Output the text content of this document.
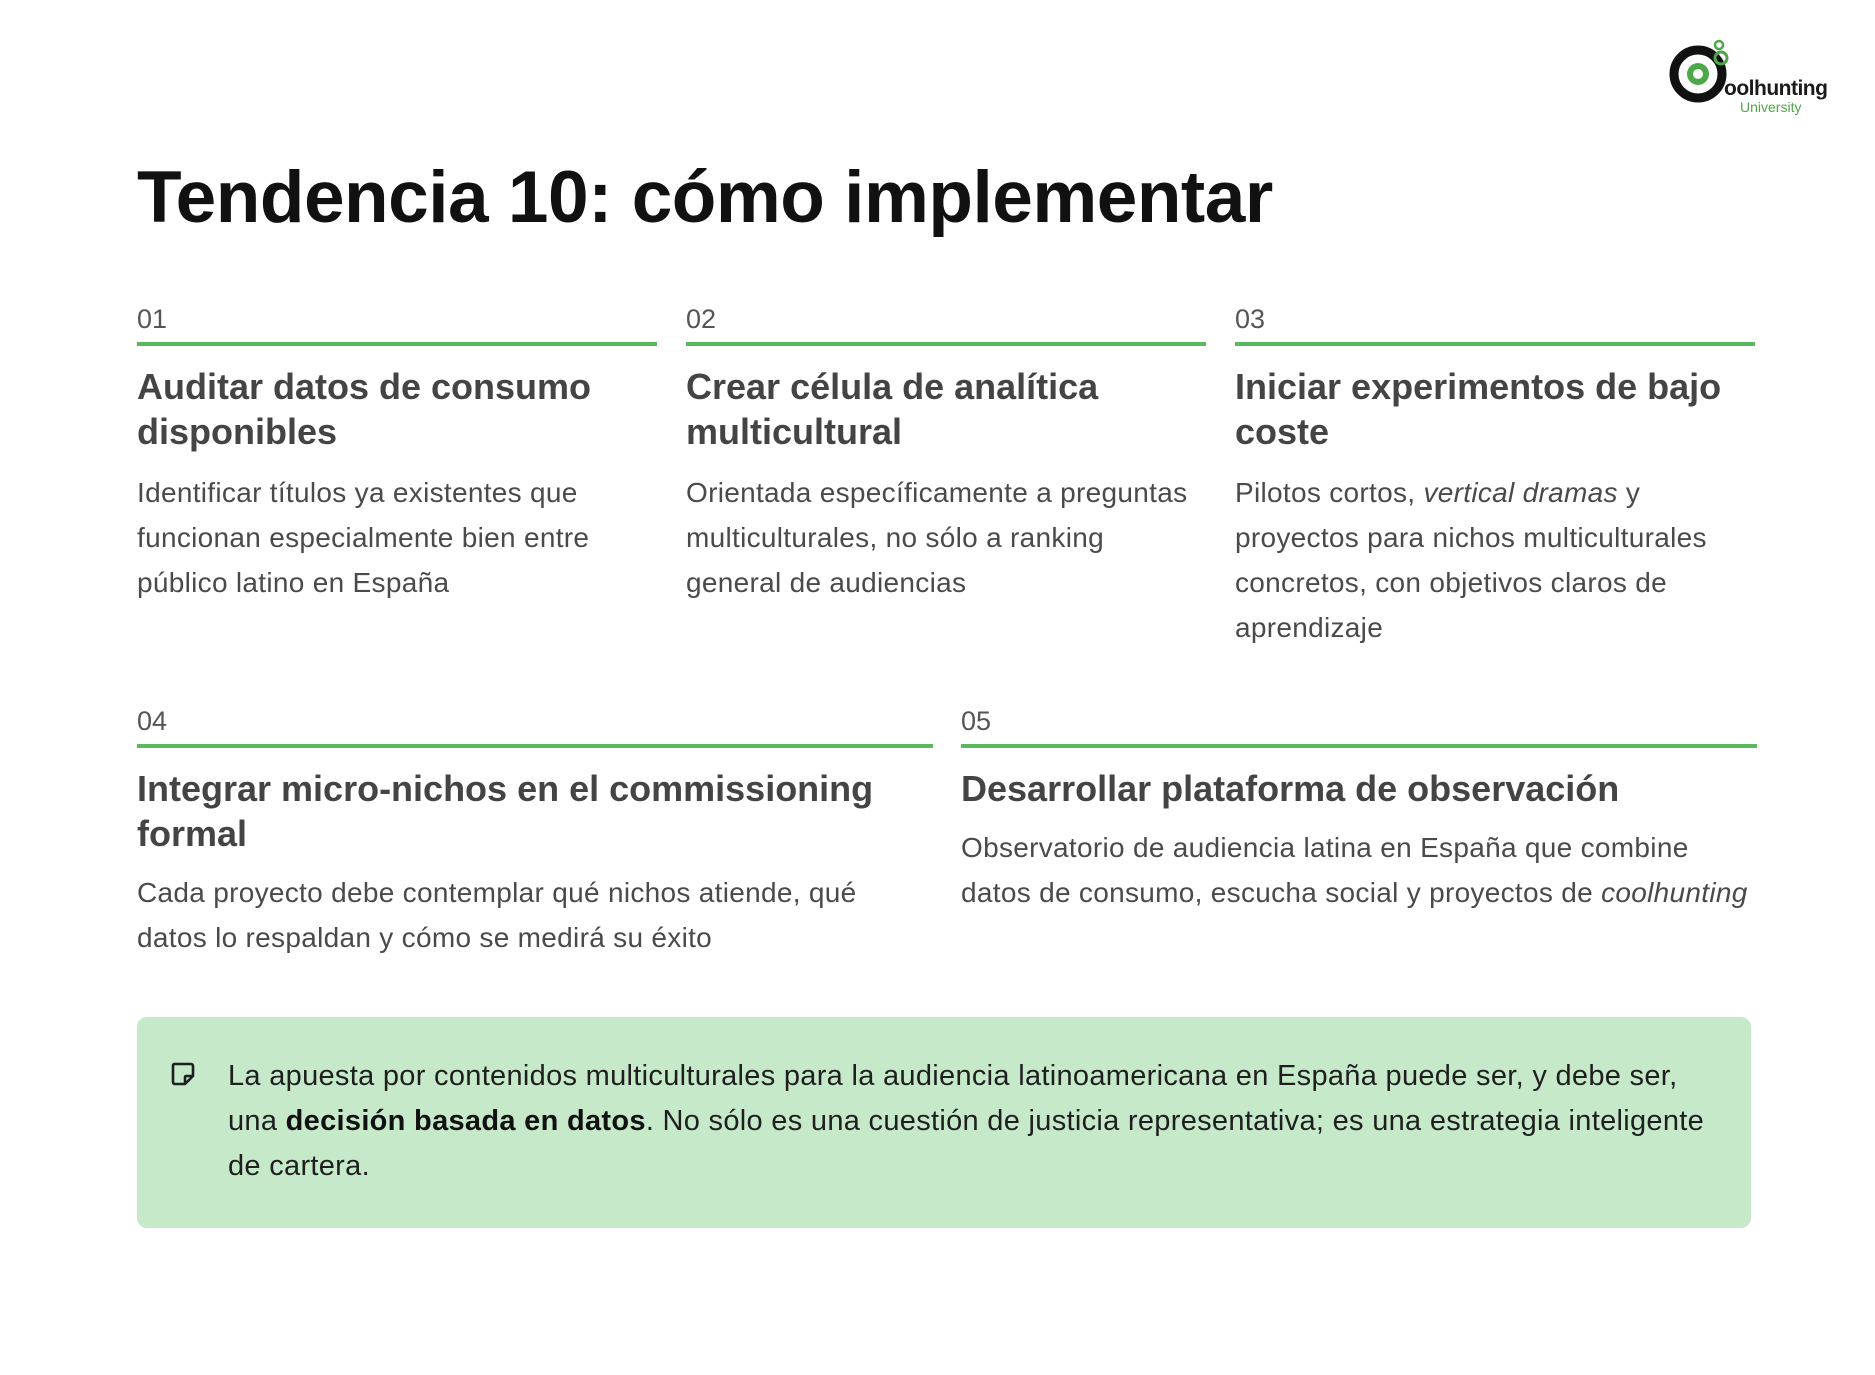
oolhunting
University
Tendencia 10: cómo implementar
01
Auditar datos de consumo disponibles

Identificar títulos ya existentes que funcionan especialmente bien entre público latino en España

02
Crear célula de analítica multicultural

Orientada específicamente a preguntas multiculturales, no sólo a ranking general de audiencias

03
Iniciar experimentos de bajo coste

Pilotos cortos, vertical dramas y proyectos para nichos multiculturales concretos, con objetivos claros de aprendizaje

04
Integrar micro-nichos en el commissioning formal

Cada proyecto debe contemplar qué nichos atiende, qué datos lo respaldan y cómo se medirá su éxito

05
Desarrollar plataforma de observación

Observatorio de audiencia latina en España que combine datos de consumo, escucha social y proyectos de coolhunting

La apuesta por contenidos multiculturales para la audiencia latinoamericana en España puede ser, y debe ser, una decisión basada en datos. No sólo es una cuestión de justicia representativa; es una estrategia inteligente de cartera.
